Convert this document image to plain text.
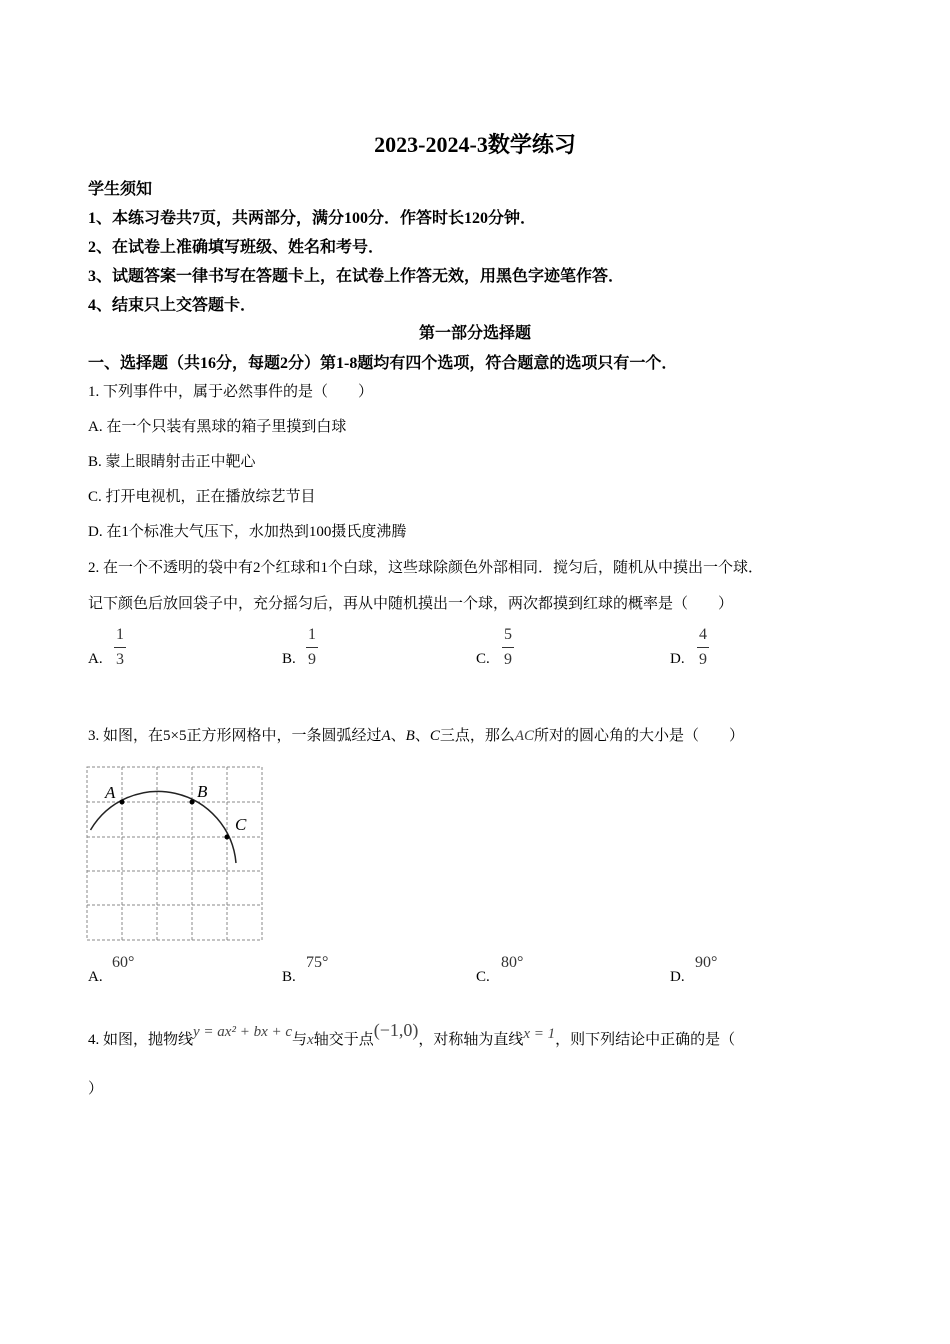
2023-2024-3数学练习
学生须知
1、本练习卷共7页，共两部分，满分100分．作答时长120分钟．
2、在试卷上准确填写班级、姓名和考号．
3、试题答案一律书写在答题卡上，在试卷上作答无效，用黑色字迹笔作答．
4、结束只上交答题卡．
第一部分选择题
一、选择题（共16分，每题2分）第1-8题均有四个选项，符合题意的选项只有一个．
1. 下列事件中，属于必然事件的是（　　）
A. 在一个只装有黑球的箱子里摸到白球
B. 蒙上眼睛射击正中靶心
C. 打开电视机，正在播放综艺节目
D. 在1个标准大气压下，水加热到100摄氏度沸腾
2. 在一个不透明的袋中有2个红球和1个白球，这些球除颜色外部相同．搅匀后，随机从中摸出一个球．
记下颜色后放回袋子中，充分摇匀后，再从中随机摸出一个球，两次都摸到红球的概率是（　　）
A.
1
3	B.
1
9	C.
5
9	D.
4
9
3. 如图，在5×5正方形网格中，一条圆弧经过A、B、C三点，那么AC所对的圆心角的大小是（　　）
A	B
C
A.
60°
B.
75°
C.
80°
D.
90°
4. 如图，抛物线y = ax² + bx + c与x轴交于点(−1,0)，对称轴为直线x = 1，则下列结论中正确的是（
）
